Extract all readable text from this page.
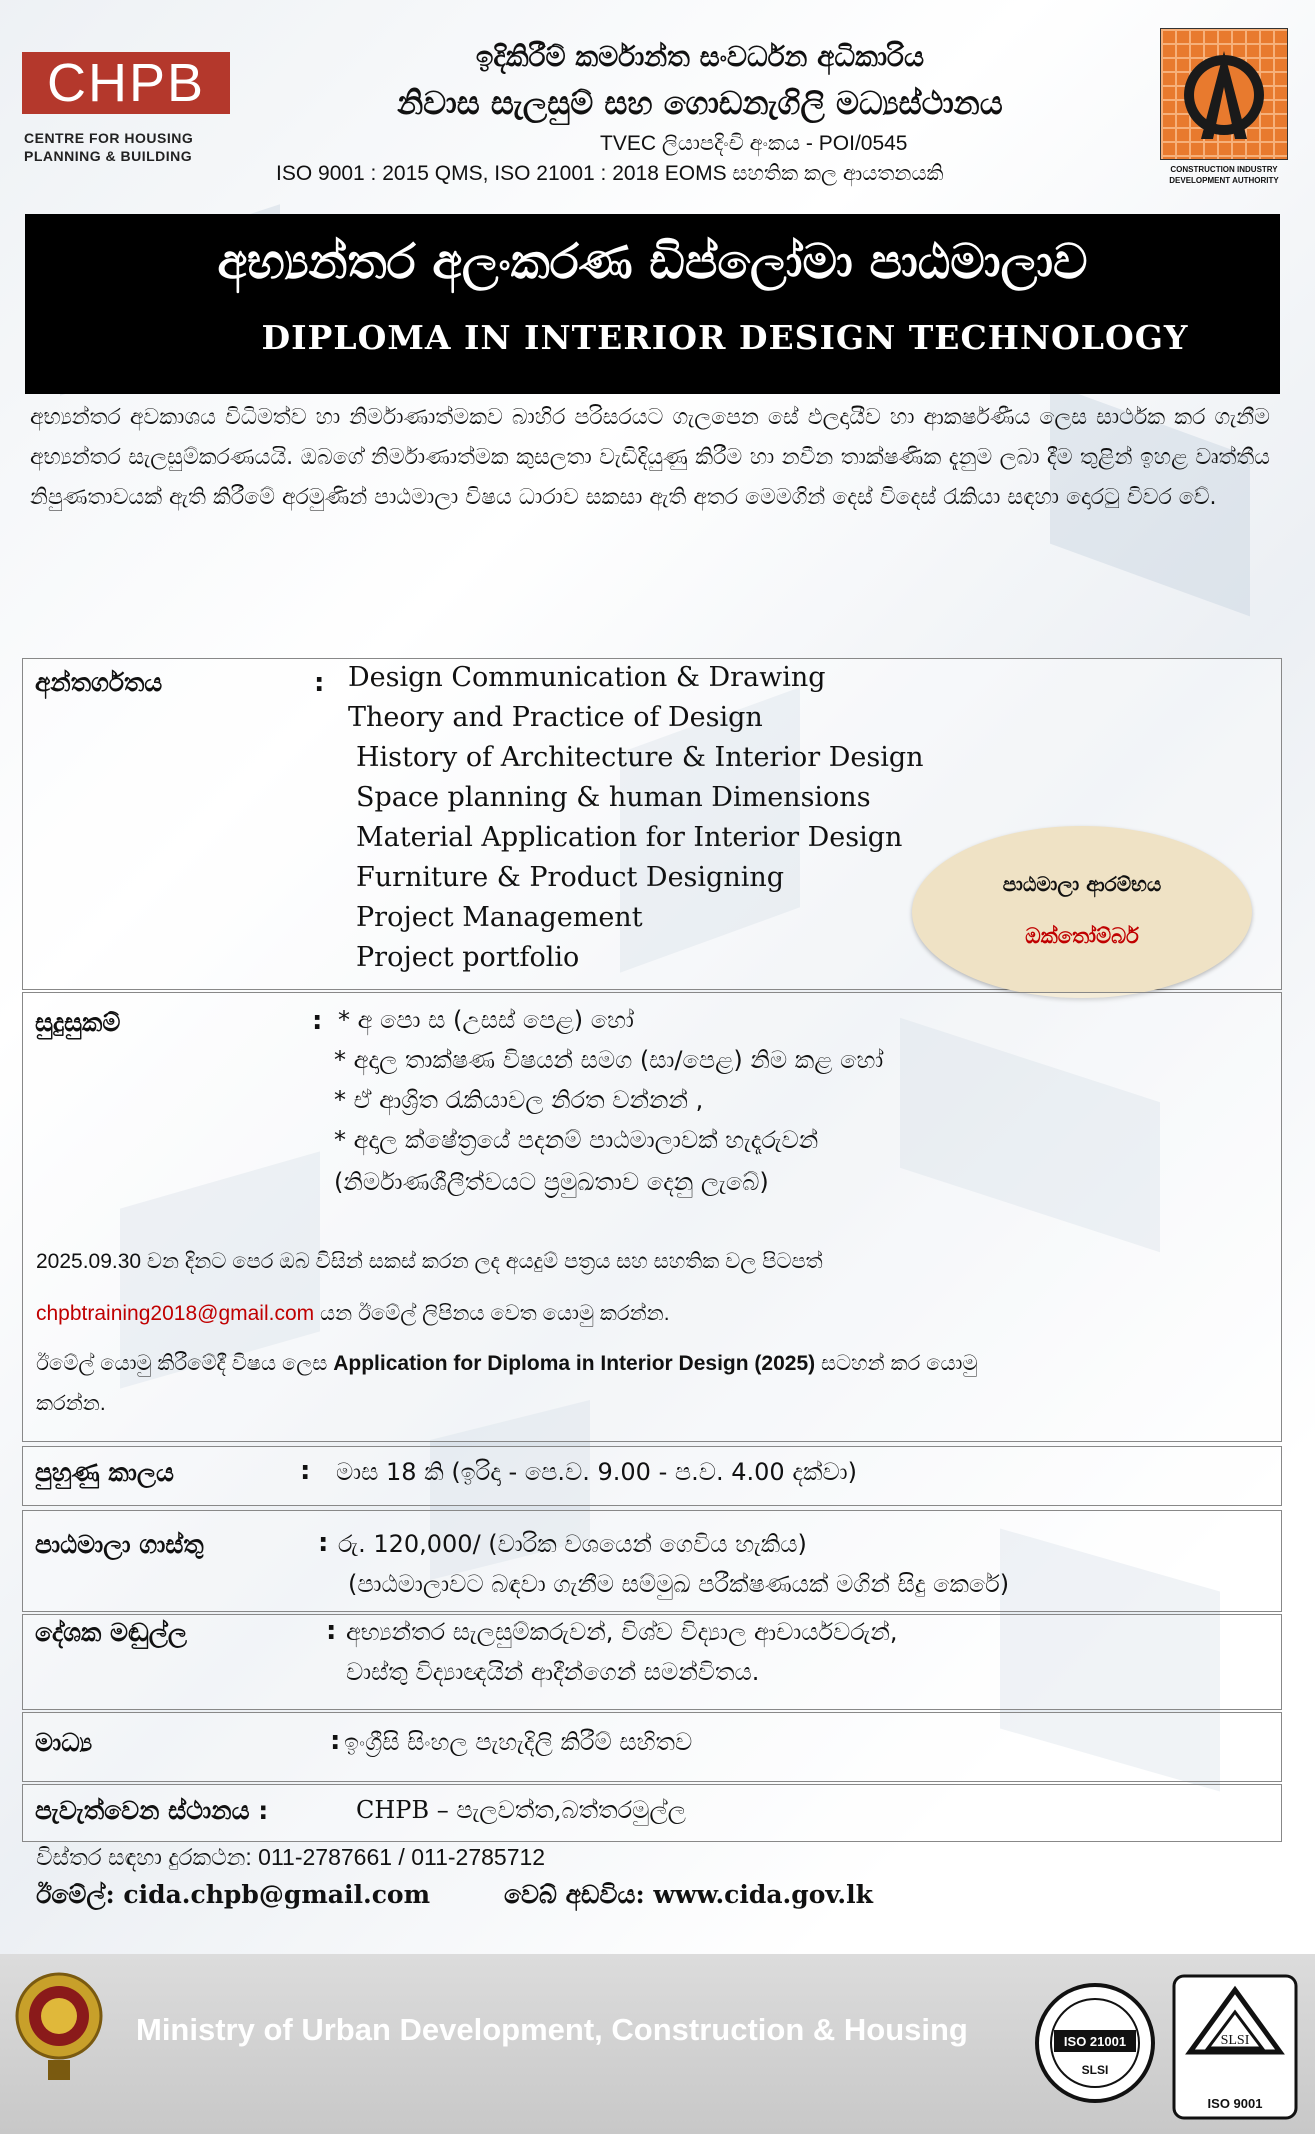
CHPB
CENTRE FOR HOUSING
PLANNING & BUILDING
ඉදිකිරීම් කර්මාන්ත සංවර්ධන අධිකාරිය
නිවාස සැලසුම් සහ ගොඩනැගිලි මධ්‍යස්ථානය
TVEC ලියාපදිංචි අංකය - POI/0545
ISO 9001 : 2015 QMS, ISO 21001 : 2018 EOMS සහතික කල ආයතනයකි	CONSTRUCTION INDUSTRY DEVELOPMENT AUTHORITY
අභ්‍යන්තර අලංකරණ ඩිප්ලෝමා පාඨමාලාව
DIPLOMA IN INTERIOR DESIGN TECHNOLOGY
අභ්‍යන්තර අවකාශය විධිමත්ව හා නිර්මාණාත්මකව බාහිර පරිසරයට ගැලපෙන සේ ඵලදායීව හා ආකර්ෂණීය ලෙස සාර්ථක කර ගැනීම අභ්‍යන්තර සැලසුම්කරණයයි. ඔබගේ නිර්මාණාත්මක කුසලතා වැඩිදියුණු කිරීම හා නවීන තාක්ෂණික දැනුම ලබා දීම තුළින් ඉහළ වෘත්තීය නිපුණතාවයක් ඇති කිරීමේ අරමුණින් පාඨමාලා විෂය ධාරාව සකසා ඇති අතර මෙමගින් දෙස් විදෙස් රැකියා සඳහා දොරටු විවර වේ.
අන්තර්ගතය	: Design Communication & Drawing
Theory and Practice of Design
History of Architecture & Interior Design
Space planning & human Dimensions
Material Application for Interior Design
Furniture & Product Designing
Project Management
Project portfolio
පාඨමාලා ආරම්භය
ඔක්තෝම්බර්
සුදුසුකම්	: * අ පො ස (උසස් පෙළ) හෝ
* අදාල තාක්ෂණ විෂයන් සමග (සා/පෙළ) නිම කළ හෝ
* ඒ ආශ්‍රිත රැකියාවල නිරත වන්නන් ,
* අදාල ක්ෂේත්‍රයේ පදනම් පාඨමාලාවක් හැදෑරුවන්
(නිර්මාණශීලීත්වයට ප්‍රමුඛතාව දෙනු ලැබේ)
2025.09.30 වන දිනට පෙර ඔබ විසින් සකස් කරන ලද අයදුම් පත්‍රය සහ සහතික වල පිටපත්
chpbtraining2018@gmail.com යන ඊමේල් ලිපිනය වෙත යොමු කරන්න.
ඊමේල් යොමු කිරීමේදී විෂය ලෙස Application for Diploma in Interior Design (2025) සටහන් කර යොමු
කරන්න.
පුහුණු කාලය	: මාස 18 කි (ඉරිදා - පෙ.ව. 9.00 - ප.ව. 4.00 දක්වා)
පාඨමාලා ගාස්තු	: රු. 120,000/ (වාරික වශයෙන් ගෙවිය හැකිය)
(පාඨමාලාවට බඳවා ගැනීම සම්මුඛ පරීක්ෂණයක් මගින් සිදු කෙරේ)
දේශක මඬුල්ල	: අභ්‍යන්තර සැලසුම්කරුවන්, විශ්ව විද්‍යාල ආචාර්යවරුන්,
වාස්තු විද්‍යාඥයින් ආදීන්ගෙන් සමන්විතය.
මාධ්‍ය	: ඉංග්‍රීසි සිංහල පැහැදිලි කිරීම් සහිතව
පැවැත්වෙන ස්ථානය :	CHPB – පැලවත්ත,බත්තරමුල්ල
විස්තර සඳහා දුරකථන: 011-2787661 / 011-2785712
ඊමේල්: cida.chpb@gmail.com	වෙබ් අඩවිය: www.cida.gov.lk
Ministry of Urban Development, Construction & Housing	ISO 21001
SLSI
SLSI
ISO 9001
